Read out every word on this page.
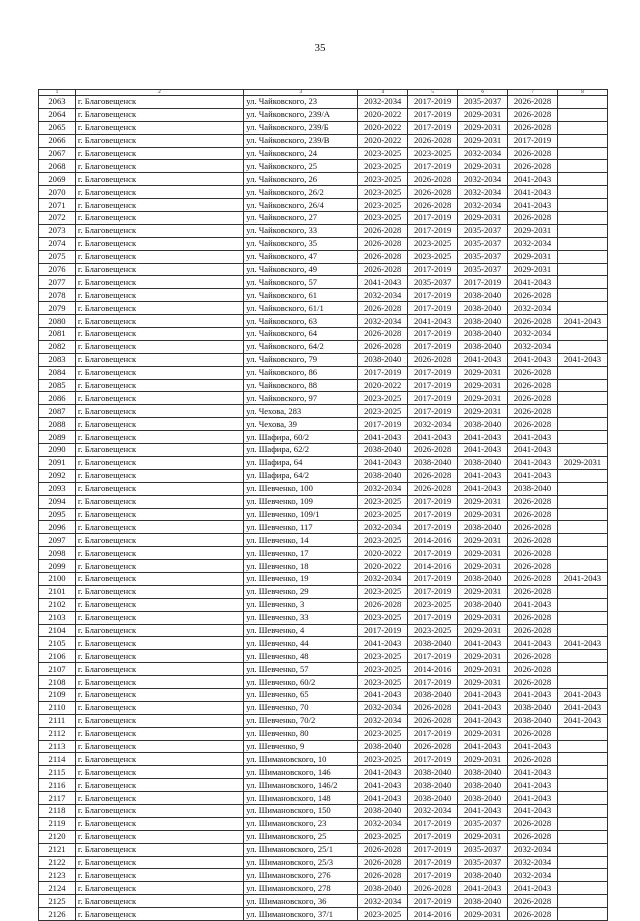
35
1	2	3	4	5	6	7	8
2063	г. Благовещенск	ул. Чайковского, 23	2032-2034	2017-2019	2035-2037	2026-2028	
2064	г. Благовещенск	ул. Чайковского, 239/А	2020-2022	2017-2019	2029-2031	2026-2028	
2065	г. Благовещенск	ул. Чайковского, 239/Б	2020-2022	2017-2019	2029-2031	2026-2028	
2066	г. Благовещенск	ул. Чайковского, 239/В	2020-2022	2026-2028	2029-2031	2017-2019	
2067	г. Благовещенск	ул. Чайковского, 24	2023-2025	2023-2025	2032-2034	2026-2028	
2068	г. Благовещенск	ул. Чайковского, 25	2023-2025	2017-2019	2029-2031	2026-2028	
2069	г. Благовещенск	ул. Чайковского, 26	2023-2025	2026-2028	2032-2034	2041-2043	
2070	г. Благовещенск	ул. Чайковского, 26/2	2023-2025	2026-2028	2032-2034	2041-2043	
2071	г. Благовещенск	ул. Чайковского, 26/4	2023-2025	2026-2028	2032-2034	2041-2043	
2072	г. Благовещенск	ул. Чайковского, 27	2023-2025	2017-2019	2029-2031	2026-2028	
2073	г. Благовещенск	ул. Чайковского, 33	2026-2028	2017-2019	2035-2037	2029-2031	
2074	г. Благовещенск	ул. Чайковского, 35	2026-2028	2023-2025	2035-2037	2032-2034	
2075	г. Благовещенск	ул. Чайковского, 47	2026-2028	2023-2025	2035-2037	2029-2031	
2076	г. Благовещенск	ул. Чайковского, 49	2026-2028	2017-2019	2035-2037	2029-2031	
2077	г. Благовещенск	ул. Чайковского, 57	2041-2043	2035-2037	2017-2019	2041-2043	
2078	г. Благовещенск	ул. Чайковского, 61	2032-2034	2017-2019	2038-2040	2026-2028	
2079	г. Благовещенск	ул. Чайковского, 61/1	2026-2028	2017-2019	2038-2040	2032-2034	
2080	г. Благовещенск	ул. Чайковского, 63	2032-2034	2041-2043	2038-2040	2026-2028	2041-2043
2081	г. Благовещенск	ул. Чайковского, 64	2026-2028	2017-2019	2038-2040	2032-2034	
2082	г. Благовещенск	ул. Чайковского, 64/2	2026-2028	2017-2019	2038-2040	2032-2034	
2083	г. Благовещенск	ул. Чайковского, 79	2038-2040	2026-2028	2041-2043	2041-2043	2041-2043
2084	г. Благовещенск	ул. Чайковского, 86	2017-2019	2017-2019	2029-2031	2026-2028	
2085	г. Благовещенск	ул. Чайковского, 88	2020-2022	2017-2019	2029-2031	2026-2028	
2086	г. Благовещенск	ул. Чайковского, 97	2023-2025	2017-2019	2029-2031	2026-2028	
2087	г. Благовещенск	ул. Чехова, 283	2023-2025	2017-2019	2029-2031	2026-2028	
2088	г. Благовещенск	ул. Чехова, 39	2017-2019	2032-2034	2038-2040	2026-2028	
2089	г. Благовещенск	ул. Шафира, 60/2	2041-2043	2041-2043	2041-2043	2041-2043	
2090	г. Благовещенск	ул. Шафира, 62/2	2038-2040	2026-2028	2041-2043	2041-2043	
2091	г. Благовещенск	ул. Шафира, 64	2041-2043	2038-2040	2038-2040	2041-2043	2029-2031
2092	г. Благовещенск	ул. Шафира, 64/2	2038-2040	2026-2028	2041-2043	2041-2043	
2093	г. Благовещенск	ул. Шевченко, 100	2032-2034	2026-2028	2041-2043	2038-2040	
2094	г. Благовещенск	ул. Шевченко, 109	2023-2025	2017-2019	2029-2031	2026-2028	
2095	г. Благовещенск	ул. Шевченко, 109/1	2023-2025	2017-2019	2029-2031	2026-2028	
2096	г. Благовещенск	ул. Шевченко, 117	2032-2034	2017-2019	2038-2040	2026-2028	
2097	г. Благовещенск	ул. Шевченко, 14	2023-2025	2014-2016	2029-2031	2026-2028	
2098	г. Благовещенск	ул. Шевченко, 17	2020-2022	2017-2019	2029-2031	2026-2028	
2099	г. Благовещенск	ул. Шевченко, 18	2020-2022	2014-2016	2029-2031	2026-2028	
2100	г. Благовещенск	ул. Шевченко, 19	2032-2034	2017-2019	2038-2040	2026-2028	2041-2043
2101	г. Благовещенск	ул. Шевченко, 29	2023-2025	2017-2019	2029-2031	2026-2028	
2102	г. Благовещенск	ул. Шевченко, 3	2026-2028	2023-2025	2038-2040	2041-2043	
2103	г. Благовещенск	ул. Шевченко, 33	2023-2025	2017-2019	2029-2031	2026-2028	
2104	г. Благовещенск	ул. Шевченко, 4	2017-2019	2023-2025	2029-2031	2026-2028	
2105	г. Благовещенск	ул. Шевченко, 44	2041-2043	2038-2040	2041-2043	2041-2043	2041-2043
2106	г. Благовещенск	ул. Шевченко, 48	2023-2025	2017-2019	2029-2031	2026-2028	
2107	г. Благовещенск	ул. Шевченко, 57	2023-2025	2014-2016	2029-2031	2026-2028	
2108	г. Благовещенск	ул. Шевченко, 60/2	2023-2025	2017-2019	2029-2031	2026-2028	
2109	г. Благовещенск	ул. Шевченко, 65	2041-2043	2038-2040	2041-2043	2041-2043	2041-2043
2110	г. Благовещенск	ул. Шевченко, 70	2032-2034	2026-2028	2041-2043	2038-2040	2041-2043
2111	г. Благовещенск	ул. Шевченко, 70/2	2032-2034	2026-2028	2041-2043	2038-2040	2041-2043
2112	г. Благовещенск	ул. Шевченко, 80	2023-2025	2017-2019	2029-2031	2026-2028	
2113	г. Благовещенск	ул. Шевченко, 9	2038-2040	2026-2028	2041-2043	2041-2043	
2114	г. Благовещенск	ул. Шимановского, 10	2023-2025	2017-2019	2029-2031	2026-2028	
2115	г. Благовещенск	ул. Шимановского, 146	2041-2043	2038-2040	2038-2040	2041-2043	
2116	г. Благовещенск	ул. Шимановского, 146/2	2041-2043	2038-2040	2038-2040	2041-2043	
2117	г. Благовещенск	ул. Шимановского, 148	2041-2043	2038-2040	2038-2040	2041-2043	
2118	г. Благовещенск	ул. Шимановского, 150	2038-2040	2032-2034	2041-2043	2041-2043	
2119	г. Благовещенск	ул. Шимановского, 23	2032-2034	2017-2019	2035-2037	2026-2028	
2120	г. Благовещенск	ул. Шимановского, 25	2023-2025	2017-2019	2029-2031	2026-2028	
2121	г. Благовещенск	ул. Шимановского, 25/1	2026-2028	2017-2019	2035-2037	2032-2034	
2122	г. Благовещенск	ул. Шимановского, 25/3	2026-2028	2017-2019	2035-2037	2032-2034	
2123	г. Благовещенск	ул. Шимановского, 276	2026-2028	2017-2019	2038-2040	2032-2034	
2124	г. Благовещенск	ул. Шимановского, 278	2038-2040	2026-2028	2041-2043	2041-2043	
2125	г. Благовещенск	ул. Шимановского, 36	2032-2034	2017-2019	2038-2040	2026-2028	
2126	г. Благовещенск	ул. Шимановского, 37/1	2023-2025	2014-2016	2029-2031	2026-2028	
